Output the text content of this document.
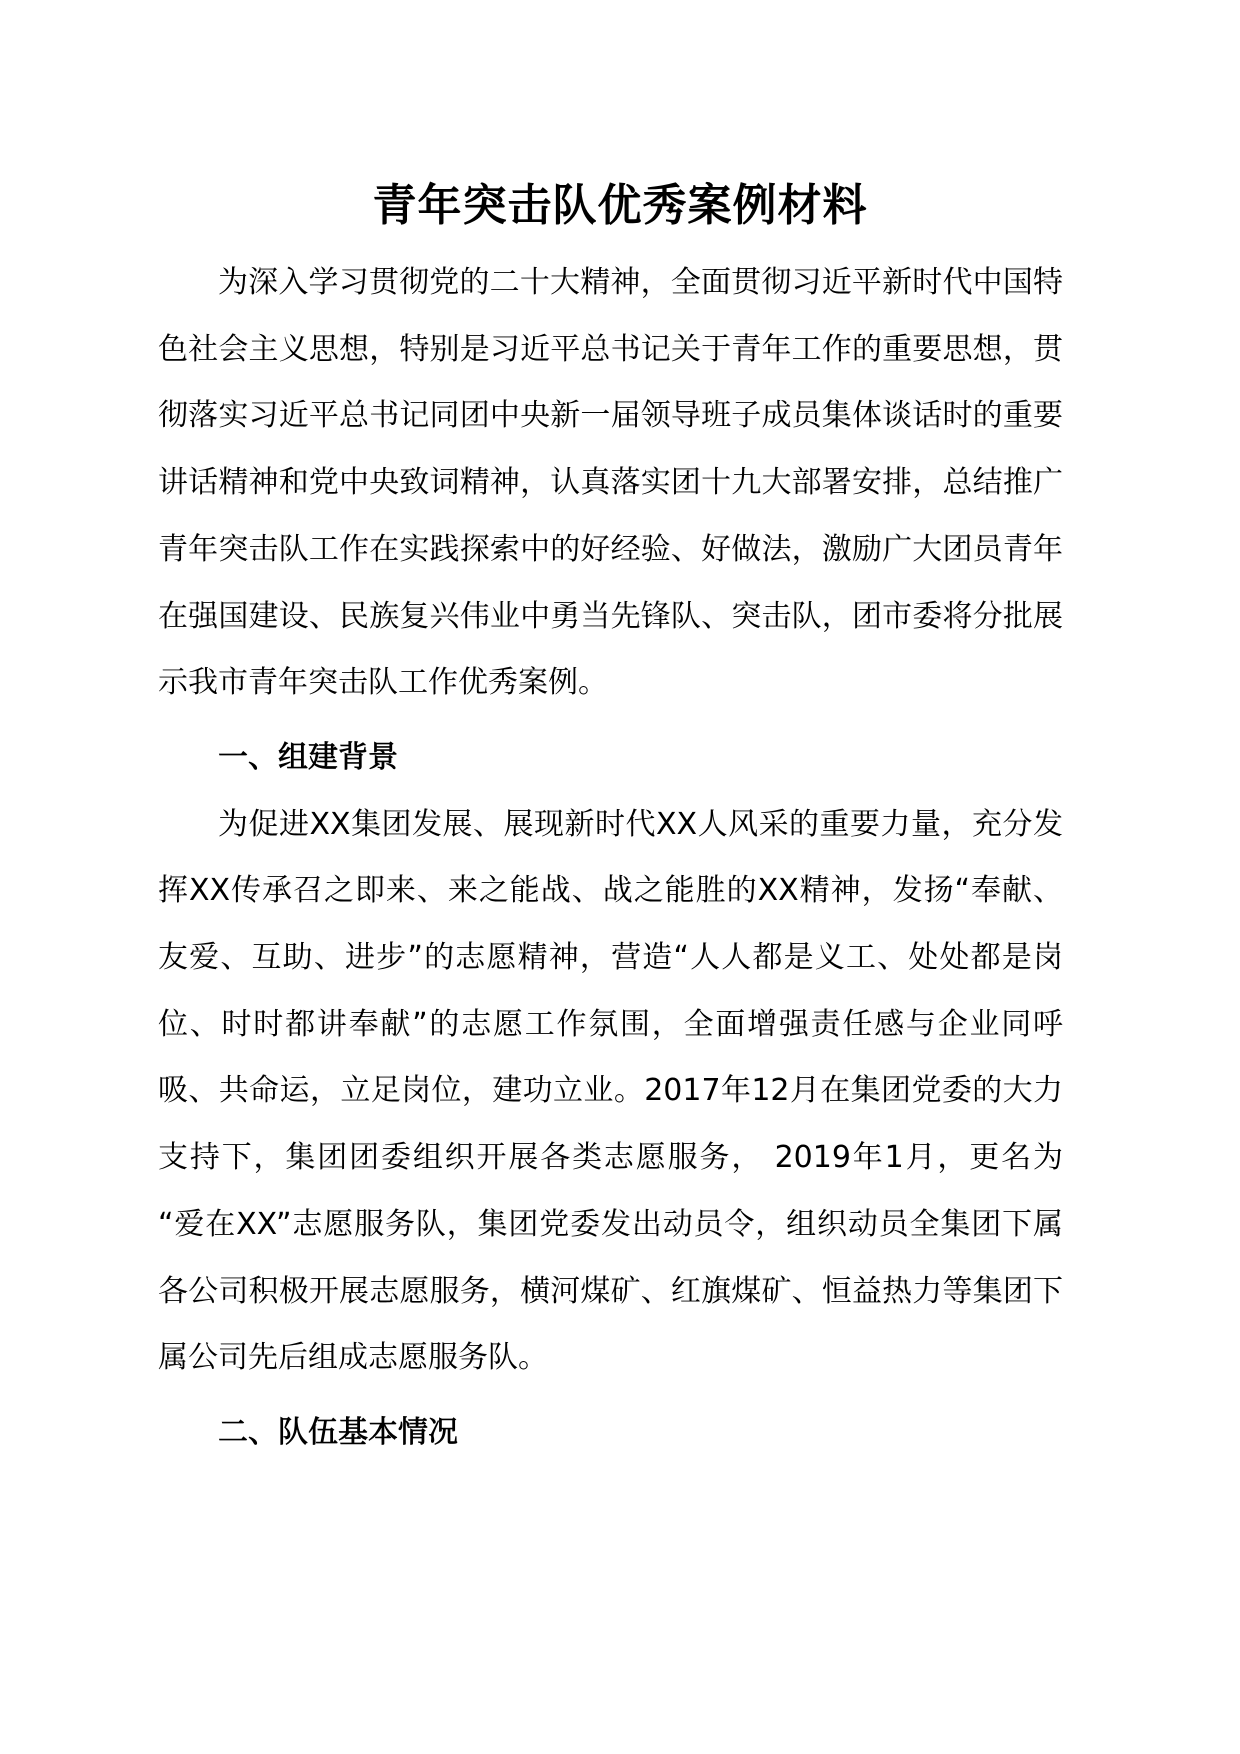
青年突击队优秀案例材料

为深入学习贯彻党的二十大精神，全面贯彻习近平新时代中国特色社会主义思想，特别是习近平总书记关于青年工作的重要思想，贯彻落实习近平总书记同团中央新一届领导班子成员集体谈话时的重要讲话精神和党中央致词精神，认真落实团十九大部署安排，总结推广青年突击队工作在实践探索中的好经验、好做法，激励广大团员青年在强国建设、民族复兴伟业中勇当先锋队、突击队，团市委将分批展示我市青年突击队工作优秀案例。

一、组建背景

为促进XX集团发展、展现新时代XX人风采的重要力量，充分发挥XX传承召之即来、来之能战、战之能胜的XX精神，发扬“奉献、友爱、互助、进步”的志愿精神，营造“人人都是义工、处处都是岗位、时时都讲奉献”的志愿工作氛围，全面增强责任感与企业同呼吸、共命运，立足岗位，建功立业。2017年12月在集团党委的大力支持下，集团团委组织开展各类志愿服务， 2019年1月，更名为 “爱在XX”志愿服务队，集团党委发出动员令，组织动员全集团下属各公司积极开展志愿服务，横河煤矿、红旗煤矿、恒益热力等集团下属公司先后组成志愿服务队。

二、队伍基本情况
